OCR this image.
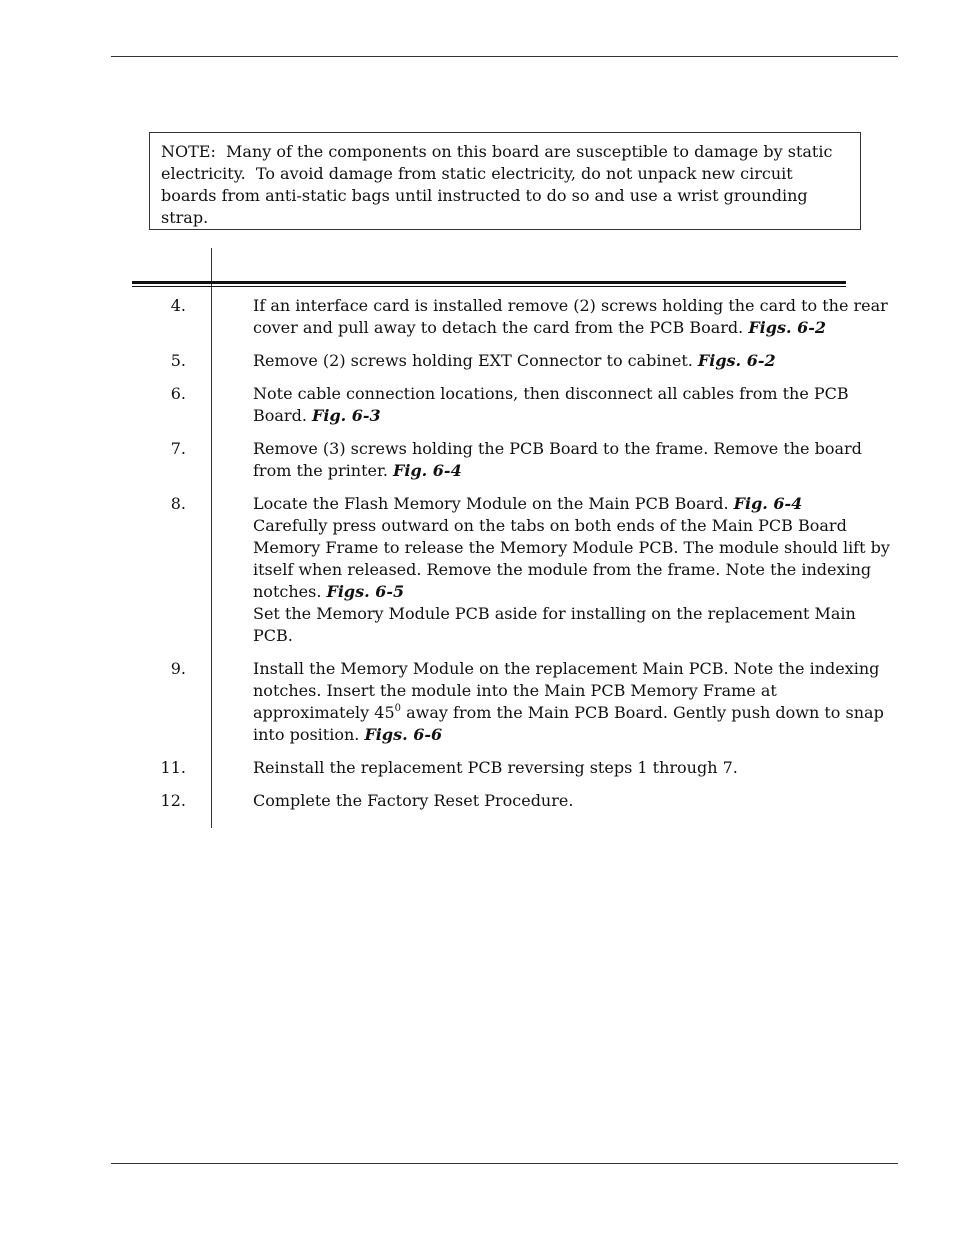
NOTE:  Many of the components on this board are susceptible to damage by static electricity.  To avoid damage from static electricity, do not unpack new circuit boards from anti-static bags until instructed to do so and use a wrist grounding strap.

4.	If an interface card is installed remove (2) screws holding the card to the rear cover and pull away to detach the card from the PCB Board. Figs. 6-2

5.	Remove (2) screws holding EXT Connector to cabinet. Figs. 6-2

6.	Note cable connection locations, then disconnect all cables from the PCB Board. Fig. 6-3

7.	Remove (3) screws holding the PCB Board to the frame. Remove the board from the printer. Fig. 6-4

8.	Locate the Flash Memory Module on the Main PCB Board. Fig. 6-4

Carefully press outward on the tabs on both ends of the Main PCB Board Memory Frame to release the Memory Module PCB. The module should lift by itself when released. Remove the module from the frame. Note the indexing notches. Figs. 6-5

Set the Memory Module PCB aside for installing on the replacement Main PCB.

9.	Install the Memory Module on the replacement Main PCB. Note the indexing notches. Insert the module into the Main PCB Memory Frame at approximately $45^0$ away from the Main PCB Board. Gently push down to snap into position. Figs. 6-6

11.	Reinstall the replacement PCB reversing steps 1 through 7.

12.	Complete the Factory Reset Procedure.
